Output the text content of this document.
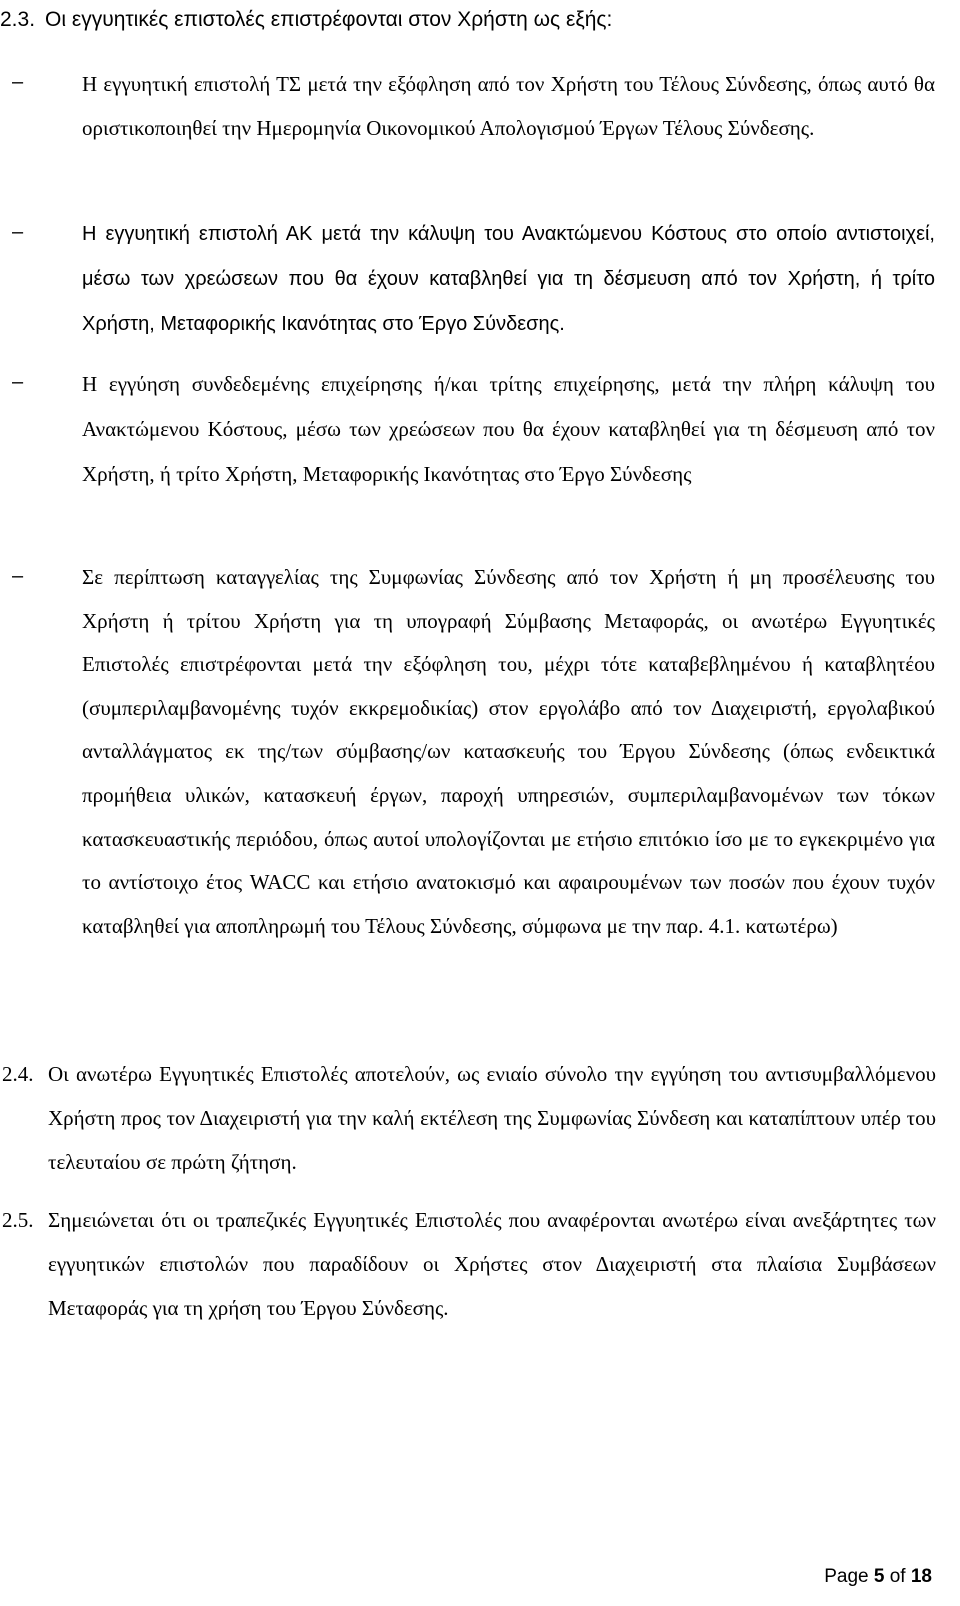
2.3. Οι εγγυητικές επιστολές επιστρέφονται στον Χρήστη ως εξής:
–	Η εγγυητική επιστολή ΤΣ μετά την εξόφληση από τον Χρήστη του Τέλους Σύνδεσης, όπως αυτό θα οριστικοποιηθεί την Ημερομηνία Οικονομικού Απολογισμού Έργων Τέλους Σύνδεσης.
–	Η εγγυητική επιστολή ΑΚ μετά την κάλυψη του Ανακτώμενου Κόστους στο οποίο αντιστοιχεί, μέσω των χρεώσεων που θα έχουν καταβληθεί για τη δέσμευση από τον Χρήστη, ή τρίτο Χρήστη, Μεταφορικής Ικανότητας στο Έργο Σύνδεσης.
–	Η εγγύηση συνδεδεμένης επιχείρησης ή/και τρίτης επιχείρησης, μετά την πλήρη κάλυψη του Ανακτώμενου Κόστους, μέσω των χρεώσεων που θα έχουν καταβληθεί για τη δέσμευση από τον Χρήστη, ή τρίτο Χρήστη, Μεταφορικής Ικανότητας στο Έργο Σύνδεσης
–	Σε περίπτωση καταγγελίας της Συμφωνίας Σύνδεσης από τον Χρήστη ή μη προσέλευσης του Χρήστη ή τρίτου Χρήστη για τη υπογραφή Σύμβασης Μεταφοράς, οι ανωτέρω Εγγυητικές Επιστολές επιστρέφονται μετά την εξόφληση του, μέχρι τότε καταβεβλημένου ή καταβλητέου (συμπεριλαμβανομένης τυχόν εκκρεμοδικίας) στον εργολάβο από τον Διαχειριστή, εργολαβικού ανταλλάγματος εκ της/των σύμβασης/ων κατασκευής του Έργου Σύνδεσης (όπως ενδεικτικά προμήθεια υλικών, κατασκευή έργων, παροχή υπηρεσιών, συμπεριλαμβανομένων των τόκων κατασκευαστικής περιόδου, όπως αυτοί υπολογίζονται με ετήσιο επιτόκιο ίσο με το εγκεκριμένο για το αντίστοιχο έτος WACC και ετήσιο ανατοκισμό και αφαιρουμένων των ποσών που έχουν τυχόν καταβληθεί για αποπληρωμή του Τέλους Σύνδεσης, σύμφωνα με την παρ. 4.1. κατωτέρω)
2.4. Οι ανωτέρω Εγγυητικές Επιστολές αποτελούν, ως ενιαίο σύνολο την εγγύηση του αντισυμβαλλόμενου Χρήστη προς τον Διαχειριστή για την καλή εκτέλεση της Συμφωνίας Σύνδεση και καταπίπτουν υπέρ του τελευταίου σε πρώτη ζήτηση.
2.5. Σημειώνεται ότι οι τραπεζικές Εγγυητικές Επιστολές που αναφέρονται ανωτέρω είναι ανεξάρτητες των εγγυητικών επιστολών που παραδίδουν οι Χρήστες στον Διαχειριστή στα πλαίσια Συμβάσεων Μεταφοράς για τη χρήση του Έργου Σύνδεσης.
Page 5 of 18
